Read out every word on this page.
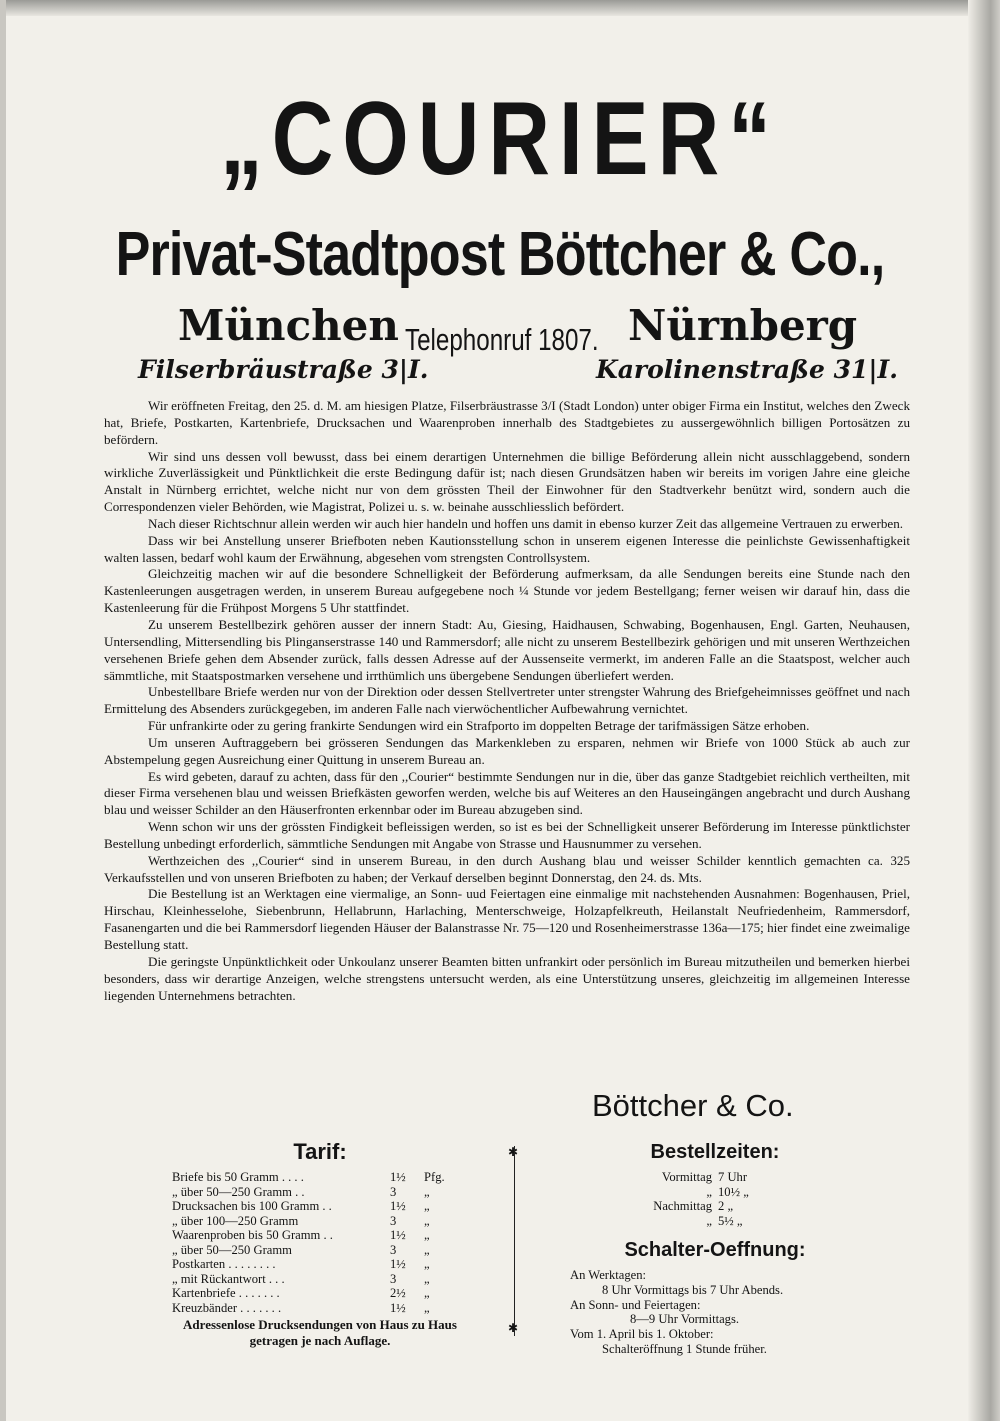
„COURIER“
Privat-Stadtpost Böttcher & Co.,
München
Filserbräustraße 3|I.
Telephonruf 1807. Nürnberg
Karolinenstraße 31|I.

Wir eröffneten Freitag, den 25. d. M. am hiesigen Platze, Filserbräustrasse 3/I (Stadt London) unter obiger Firma ein Institut, welches den Zweck hat, Briefe, Postkarten, Kartenbriefe, Drucksachen und Waarenproben innerhalb des Stadtgebietes zu aussergewöhnlich billigen Portosätzen zu befördern.

Wir sind uns dessen voll bewusst, dass bei einem derartigen Unternehmen die billige Beförderung allein nicht ausschlaggebend, sondern wirkliche Zuverlässigkeit und Pünktlichkeit die erste Bedingung dafür ist; nach diesen Grundsätzen haben wir bereits im vorigen Jahre eine gleiche Anstalt in Nürnberg errichtet, welche nicht nur von dem grössten Theil der Einwohner für den Stadtverkehr benützt wird, sondern auch die Correspondenzen vieler Behörden, wie Magistrat, Polizei u. s. w. beinahe ausschliesslich befördert.

Nach dieser Richtschnur allein werden wir auch hier handeln und hoffen uns damit in ebenso kurzer Zeit das allgemeine Vertrauen zu erwerben.

Dass wir bei Anstellung unserer Briefboten neben Kautionsstellung schon in unserem eigenen Interesse die peinlichste Gewissenhaftigkeit walten lassen, bedarf wohl kaum der Erwähnung, abgesehen vom strengsten Controllsystem.

Gleichzeitig machen wir auf die besondere Schnelligkeit der Beförderung aufmerksam, da alle Sendungen bereits eine Stunde nach den Kastenleerungen ausgetragen werden, in unserem Bureau aufgegebene noch ¼ Stunde vor jedem Bestellgang; ferner weisen wir darauf hin, dass die Kastenleerung für die Frühpost Morgens 5 Uhr stattfindet.

Zu unserem Bestellbezirk gehören ausser der innern Stadt: Au, Giesing, Haidhausen, Schwabing, Bogenhausen, Engl. Garten, Neuhausen, Untersendling, Mittersendling bis Plinganserstrasse 140 und Rammersdorf; alle nicht zu unserem Bestellbezirk gehörigen und mit unseren Werthzeichen versehenen Briefe gehen dem Absender zurück, falls dessen Adresse auf der Aussenseite vermerkt, im anderen Falle an die Staatspost, welcher auch sämmtliche, mit Staatspostmarken versehene und irrthümlich uns übergebene Sendungen überliefert werden.

Unbestellbare Briefe werden nur von der Direktion oder dessen Stellvertreter unter strengster Wahrung des Briefgeheimnisses geöffnet und nach Ermittelung des Absenders zurückgegeben, im anderen Falle nach vierwöchentlicher Aufbewahrung vernichtet.

Für unfrankirte oder zu gering frankirte Sendungen wird ein Strafporto im doppelten Betrage der tarifmässigen Sätze erhoben.

Um unseren Auftraggebern bei grösseren Sendungen das Markenkleben zu ersparen, nehmen wir Briefe von 1000 Stück ab auch zur Abstempelung gegen Ausreichung einer Quittung in unserem Bureau an.

Es wird gebeten, darauf zu achten, dass für den ,,Courier“ bestimmte Sendungen nur in die, über das ganze Stadtgebiet reichlich vertheilten, mit dieser Firma versehenen blau und weissen Briefkästen geworfen werden, welche bis auf Weiteres an den Hauseingängen angebracht und durch Aushang blau und weisser Schilder an den Häuserfronten erkennbar oder im Bureau abzugeben sind.

Wenn schon wir uns der grössten Findigkeit befleissigen werden, so ist es bei der Schnelligkeit unserer Beförderung im Interesse pünktlichster Bestellung unbedingt erforderlich, sämmtliche Sendungen mit Angabe von Strasse und Hausnummer zu versehen.

Werthzeichen des ,,Courier“ sind in unserem Bureau, in den durch Aushang blau und weisser Schilder kenntlich gemachten ca. 325 Verkaufsstellen und von unseren Briefboten zu haben; der Verkauf derselben beginnt Donnerstag, den 24. ds. Mts.

Die Bestellung ist an Werktagen eine viermalige, an Sonn- uud Feiertagen eine einmalige mit nachstehenden Ausnahmen: Bogenhausen, Priel, Hirschau, Kleinhesselohe, Siebenbrunn, Hellabrunn, Harlaching, Menterschweige, Holzapfelkreuth, Heilanstalt Neufriedenheim, Rammersdorf, Fasanengarten und die bei Rammersdorf liegenden Häuser der Balanstrasse Nr. 75—120 und Rosenheimerstrasse 136a—175; hier findet eine zweimalige Bestellung statt.

Die geringste Unpünktlichkeit oder Unkoulanz unserer Beamten bitten unfrankirt oder persönlich im Bureau mitzutheilen und bemerken hierbei besonders, dass wir derartige Anzeigen, welche strengstens untersucht werden, als eine Unterstützung unseres, gleichzeitig im allgemeinen Interesse liegenden Unternehmens betrachten.

Böttcher & Co.
Tarif:
Briefe bis 50 Gramm . . . .	1½	Pfg.
„ über 50—250 Gramm . .	3	„
Drucksachen bis 100 Gramm . .	1½	„
„ über 100—250 Gramm	3	„
Waarenproben bis 50 Gramm . .	1½	„
„ über 50—250 Gramm	3	„
Postkarten . . . . . . . .	1½	„
„ mit Rückantwort . . .	3	„
Kartenbriefe . . . . . . .	2½	„
Kreuzbänder . . . . . . .	1½	„
Adressenlose Drucksendungen von Haus zu Haus getragen je nach Auflage.
✱
✱
Bestellzeiten:
Vormittag	7 Uhr
„	10½ „
Nachmittag	2 „
„	5½ „
Schalter-Oeffnung:

An Werktagen:

8 Uhr Vormittags bis 7 Uhr Abends.

An Sonn- und Feiertagen:

8—9 Uhr Vormittags.

Vom 1. April bis 1. Oktober:

Schalteröffnung 1 Stunde früher.
